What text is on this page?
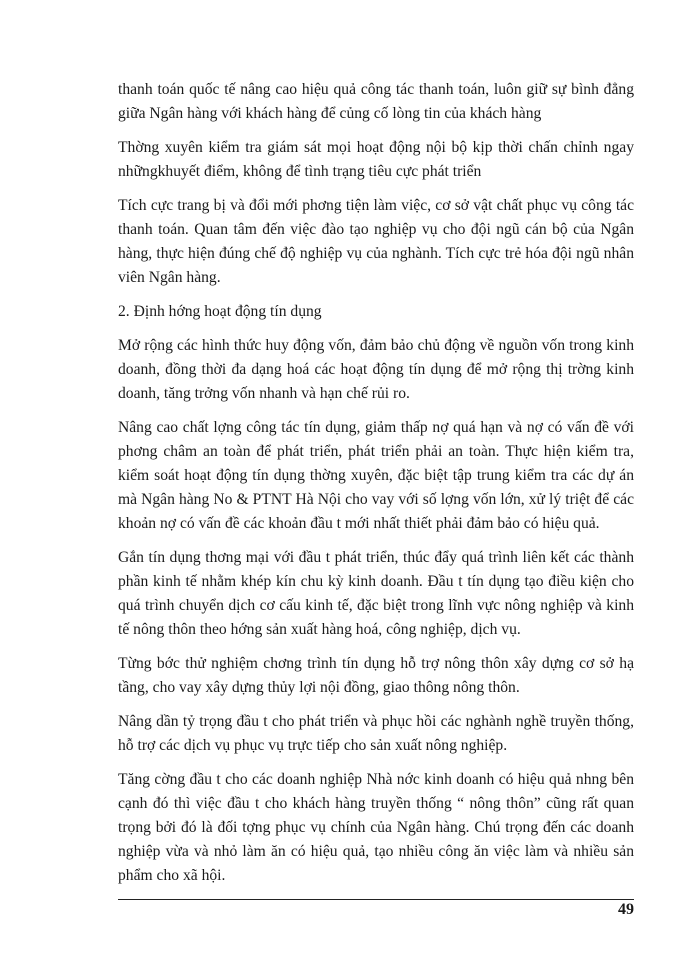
thanh toán quốc tế nâng cao hiệu quả công tác thanh toán, luôn giữ sự bình đẳng giữa Ngân hàng với khách hàng để củng cố lòng tin của khách hàng

Thờng xuyên kiểm tra giám sát mọi hoạt động nội bộ kịp thời chấn chỉnh ngay nhữngkhuyết điểm, không để tình trạng tiêu cực phát triển

Tích cực trang bị và đổi mới phơng tiện làm việc, cơ sở vật chất phục vụ công tác thanh toán. Quan tâm đến việc đào tạo nghiệp vụ cho đội ngũ cán bộ của Ngân hàng, thực hiện đúng chế độ nghiệp vụ của nghành. Tích cực trẻ hóa đội ngũ nhân viên Ngân hàng.

2. Định hớng hoạt động tín dụng

Mở rộng các hình thức huy động vốn, đảm bảo chủ động về nguồn vốn trong kinh doanh, đồng thời đa dạng hoá các hoạt động tín dụng để mở rộng thị trờng kinh doanh, tăng trởng vốn nhanh và hạn chế rủi ro.

Nâng cao chất lợng công tác tín dụng, giảm thấp nợ quá hạn và nợ có vấn đề với phơng châm an toàn để phát triển, phát triển phải an toàn. Thực hiện kiểm tra, kiểm soát hoạt động tín dụng thờng xuyên, đặc biệt tập trung kiểm tra các dự án mà Ngân hàng No & PTNT Hà Nội cho vay với số lợng vốn lớn, xử lý triệt để các khoản nợ có vấn đề các khoản đầu t mới nhất thiết phải đảm bảo có hiệu quả.

Gắn tín dụng thơng mại với đầu t phát triển, thúc đẩy quá trình liên kết các thành phần kinh tế nhằm khép kín chu kỳ kinh doanh. Đầu t tín dụng tạo điều kiện cho quá trình chuyển dịch cơ cấu kinh tế, đặc biệt trong lĩnh vực nông nghiệp và kinh tế nông thôn theo hớng sản xuất hàng hoá, công nghiệp, dịch vụ.

Từng bớc thử nghiệm chơng trình tín dụng hỗ trợ nông thôn xây dựng cơ sở hạ tầng, cho vay xây dựng thủy lợi nội đồng, giao thông nông thôn.

Nâng dần tỷ trọng đầu t cho phát triển và phục hồi các nghành nghề truyền thống, hỗ trợ các dịch vụ phục vụ trực tiếp cho sản xuất nông nghiệp.

Tăng cờng đầu t cho các doanh nghiệp Nhà nớc kinh doanh có hiệu quả nhng bên cạnh đó thì việc đầu t cho khách hàng truyền thống “ nông thôn” cũng rất quan trọng bởi đó là đối tợng phục vụ chính của Ngân hàng. Chú trọng đến các doanh nghiệp vừa và nhỏ làm ăn có hiệu quả, tạo nhiều công ăn việc làm và nhiều sản phẩm cho xã hội.

49
